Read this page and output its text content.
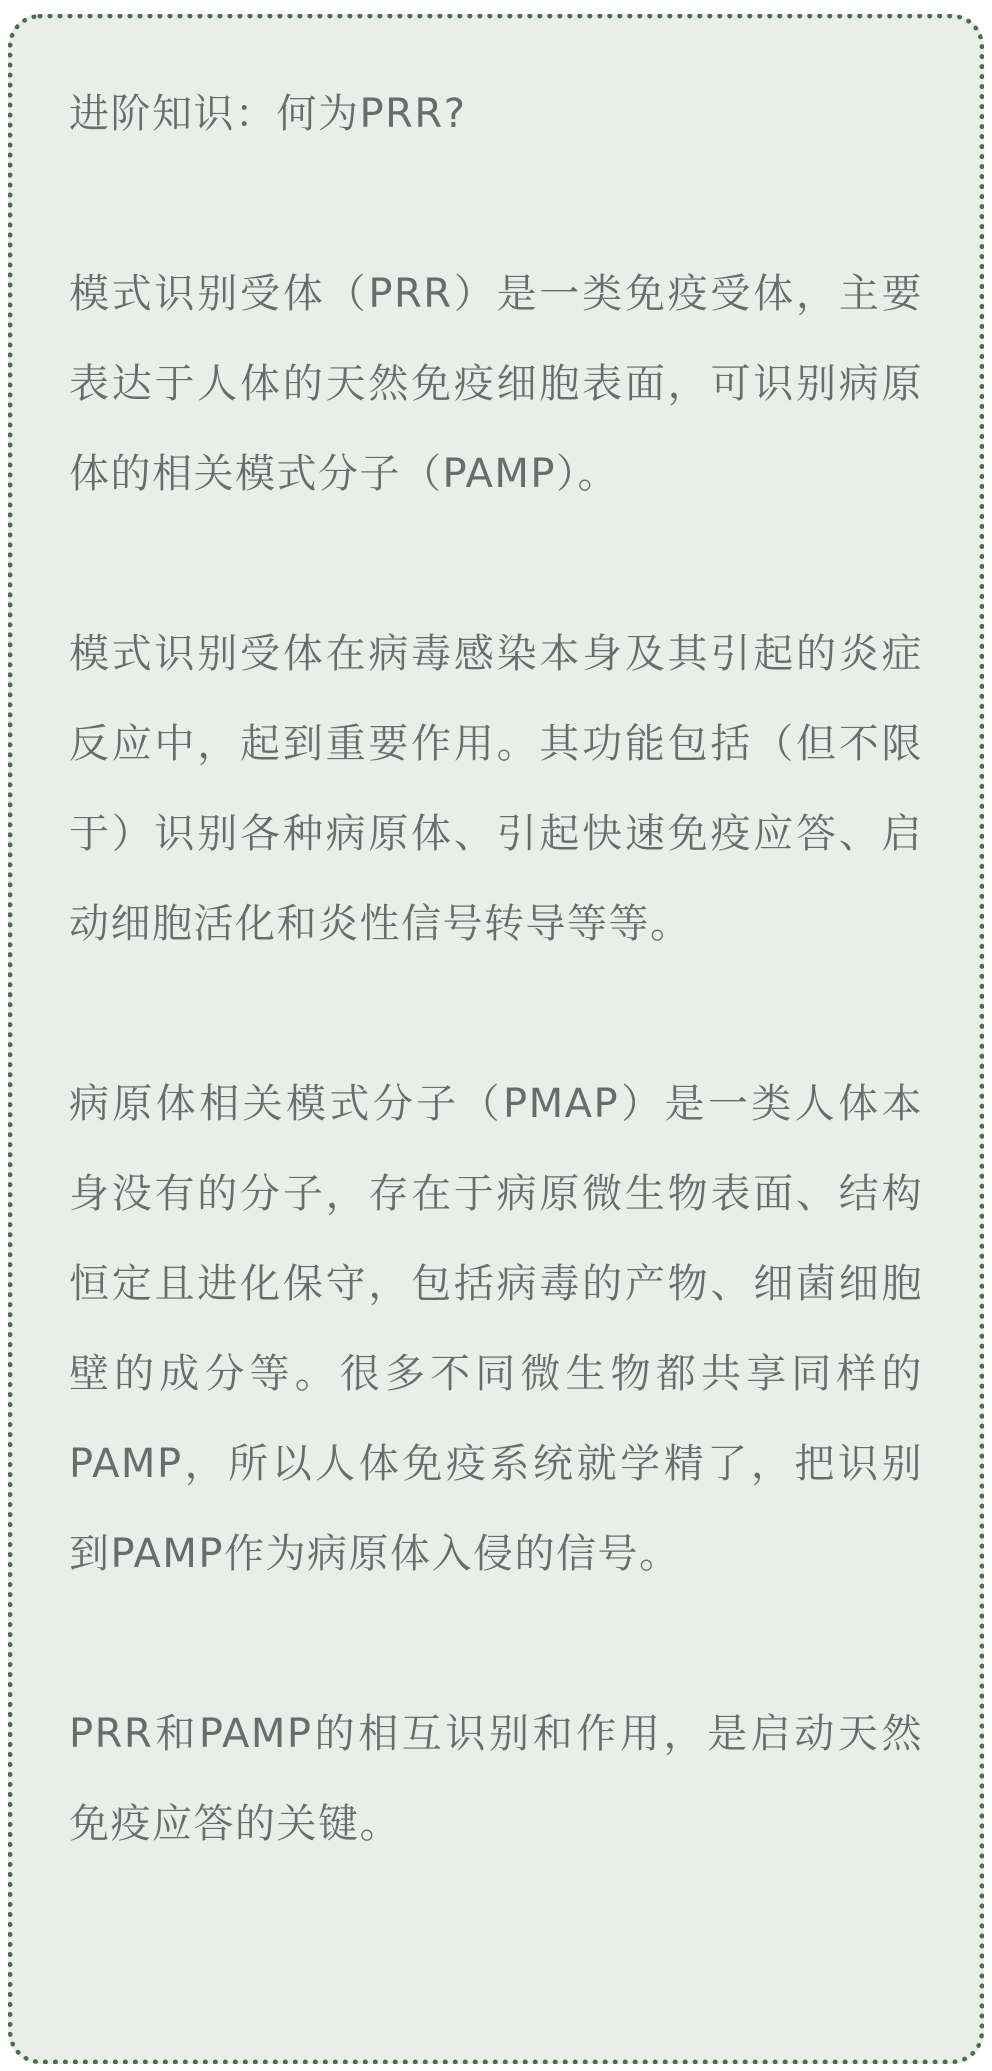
进阶知识：何为PRR?

模式识别受体（PRR）是一类免疫受体，主要表达于人体的天然免疫细胞表面，可识别病原体的相关模式分子（PAMP）。

模式识别受体在病毒感染本身及其引起的炎症反应中，起到重要作用。其功能包括（但不限于）识别各种病原体、引起快速免疫应答、启动细胞活化和炎性信号转导等等。

病原体相关模式分子（PMAP）是一类人体本身没有的分子，存在于病原微生物表面、结构恒定且进化保守，包括病毒的产物、细菌细胞壁的成分等。很多不同微生物都共享同样的PAMP，所以人体免疫系统就学精了，把识别到PAMP作为病原体入侵的信号。

PRR和PAMP的相互识别和作用，是启动天然免疫应答的关键。
